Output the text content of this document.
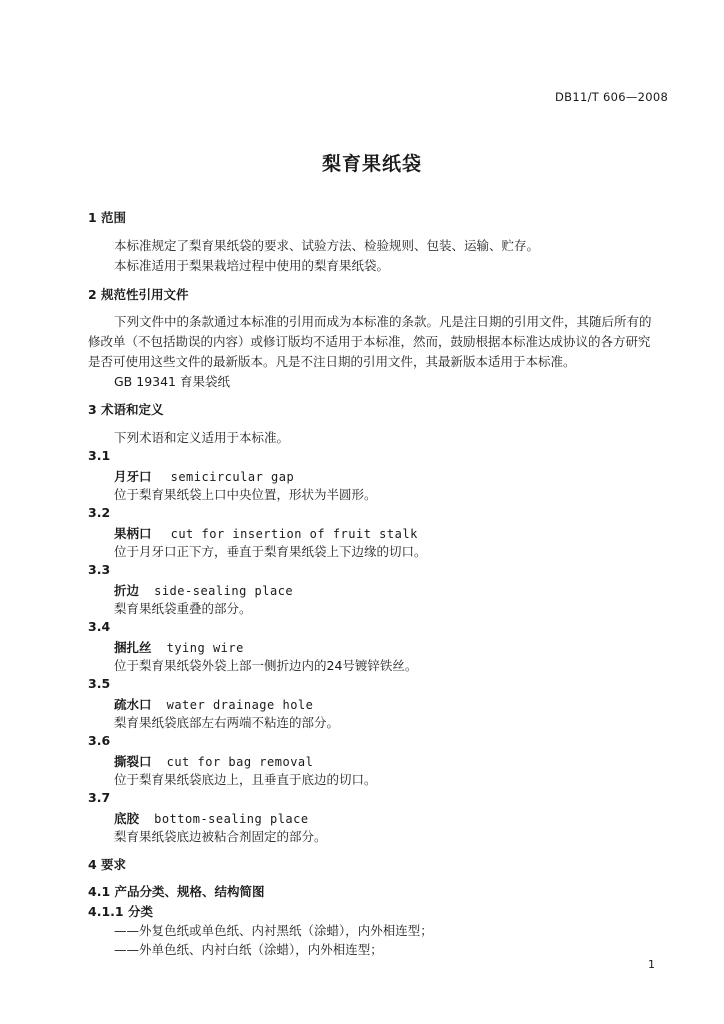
DB11/T 606—2008
梨育果纸袋
1 范围
本标准规定了梨育果纸袋的要求、试验方法、检验规则、包装、运输、贮存。
本标准适用于梨果栽培过程中使用的梨育果纸袋。
2 规范性引用文件
下列文件中的条款通过本标准的引用而成为本标准的条款。凡是注日期的引用文件，其随后所有的
修改单（不包括勘误的内容）或修订版均不适用于本标准，然而，鼓励根据本标准达成协议的各方研究
是否可使用这些文件的最新版本。凡是不注日期的引用文件，其最新版本适用于本标准。
GB 19341 育果袋纸
3 术语和定义
下列术语和定义适用于本标准。
3.1
月牙口 semicircular gap
位于梨育果纸袋上口中央位置，形状为半圆形。
3.2
果柄口 cut for insertion of fruit stalk
位于月牙口正下方，垂直于梨育果纸袋上下边缘的切口。
3.3
折边 side-sealing place
梨育果纸袋重叠的部分。
3.4
捆扎丝 tying wire
位于梨育果纸袋外袋上部一侧折边内的24号镀锌铁丝。
3.5
疏水口 water drainage hole
梨育果纸袋底部左右两端不粘连的部分。
3.6
撕裂口 cut for bag removal
位于梨育果纸袋底边上，且垂直于底边的切口。
3.7
底胶 bottom-sealing place
梨育果纸袋底边被粘合剂固定的部分。
4 要求
4.1 产品分类、规格、结构简图
4.1.1 分类
——外复色纸或单色纸、内衬黑纸（涂蜡），内外相连型；
——外单色纸、内衬白纸（涂蜡），内外相连型；
1
